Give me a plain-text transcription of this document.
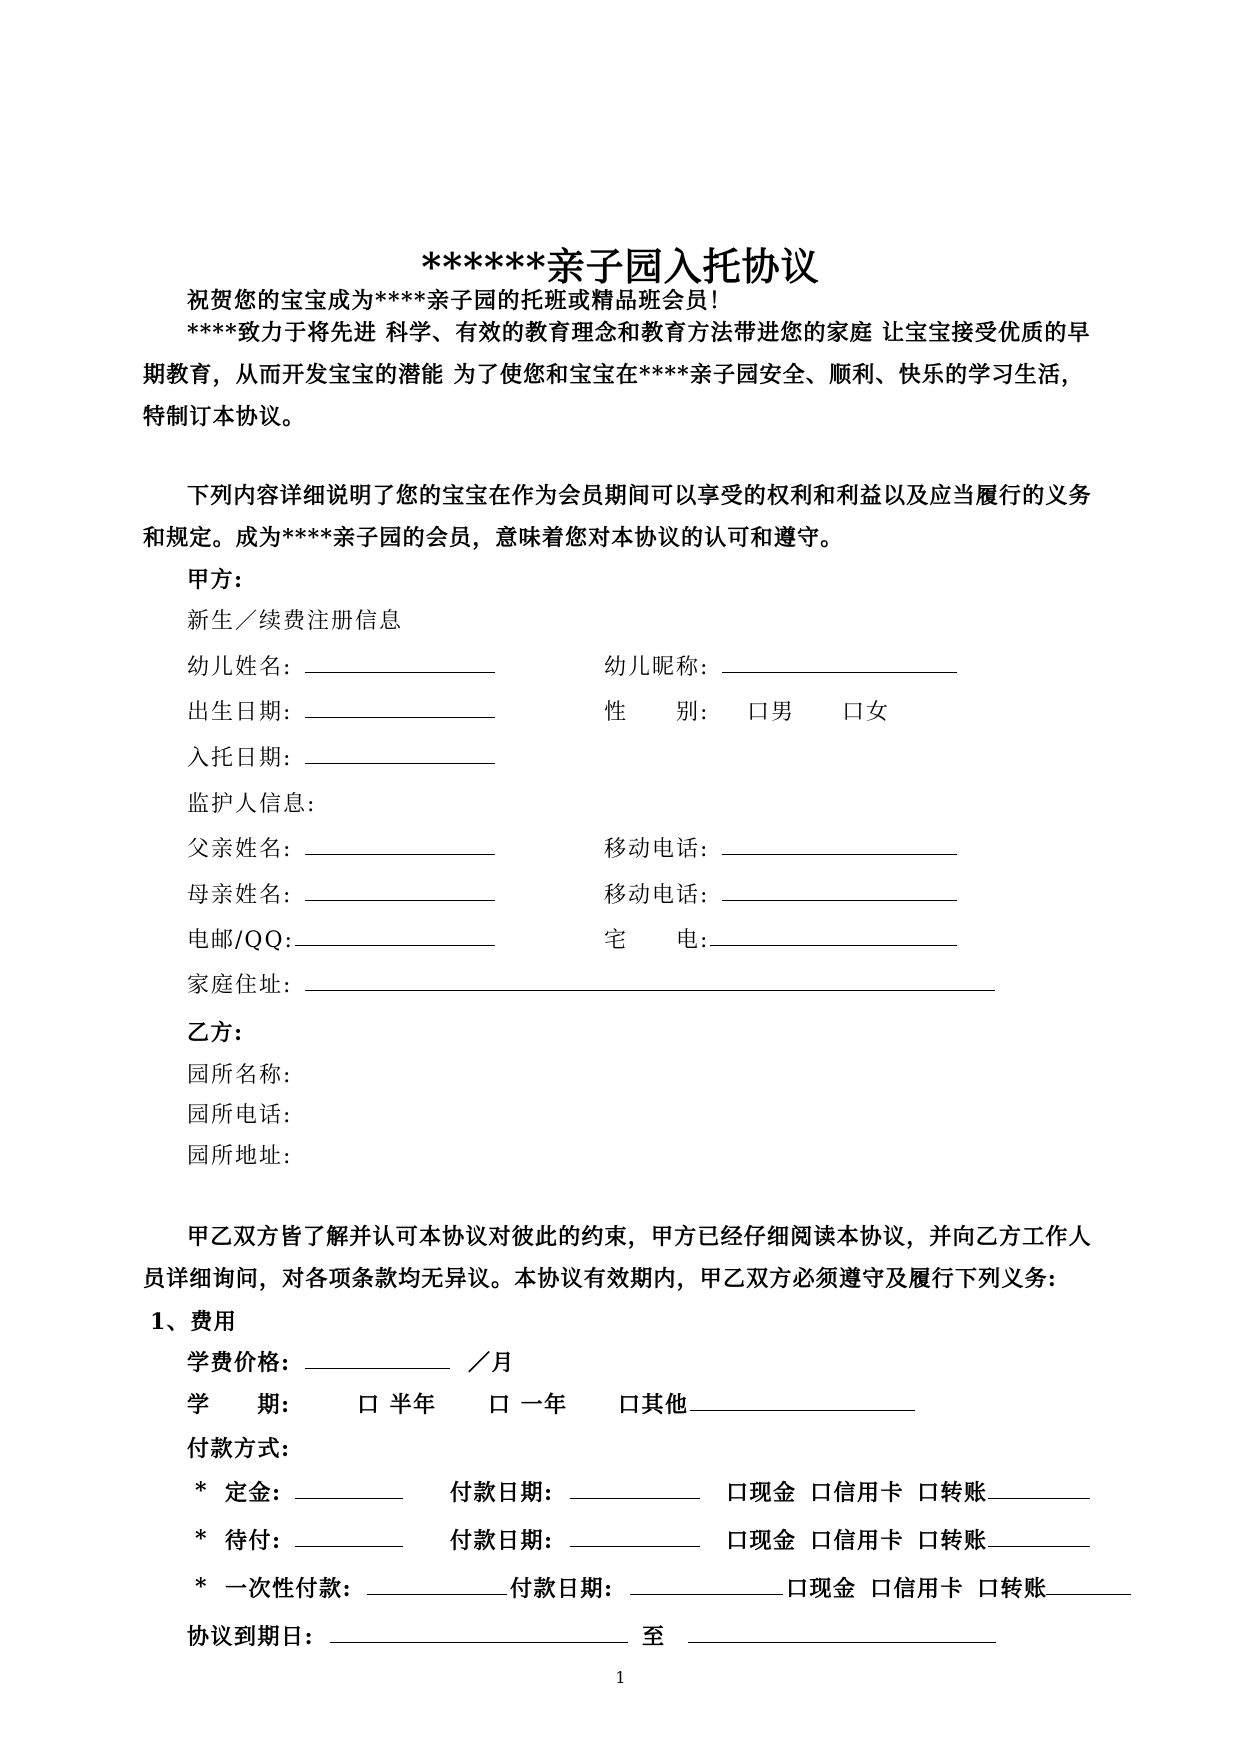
******亲子园入托协议
祝贺您的宝宝成为****亲子园的托班或精品班会员！
****致力于将先进 科学、有效的教育理念和教育方法带进您的家庭 让宝宝接受优质的早期教育，从而开发宝宝的潜能 为了使您和宝宝在****亲子园安全、顺利、快乐的学习生活，特制订本协议。
下列内容详细说明了您的宝宝在作为会员期间可以享受的权利和利益以及应当履行的义务和规定。成为****亲子园的会员，意味着您对本协议的认可和遵守。
甲方:
新生／续费注册信息
幼儿姓名:	幼儿昵称:
出生日期:	性　　别: 口男 口女
入托日期:
监护人信息:
父亲姓名:	移动电话:
母亲姓名:	移动电话:
电邮/QQ:	宅　　电:
家庭住址:
乙方:
园所名称:
园所电话:
园所地址:
甲乙双方皆了解并认可本协议对彼此的约束，甲方已经仔细阅读本协议，并向乙方工作人员详细询问，对各项条款均无异议。本协议有效期内，甲乙双方必须遵守及履行下列义务:
1、费用
学费价格:	／月
学　　期:	口 半年 口 一年 口其他
付款方式:
* 定金:	付款日期:	口现金 口信用卡 口转账
* 待付:	付款日期:	口现金 口信用卡 口转账
* 一次性付款:	付款日期:	口现金 口信用卡 口转账
协议到期日:	至
1
